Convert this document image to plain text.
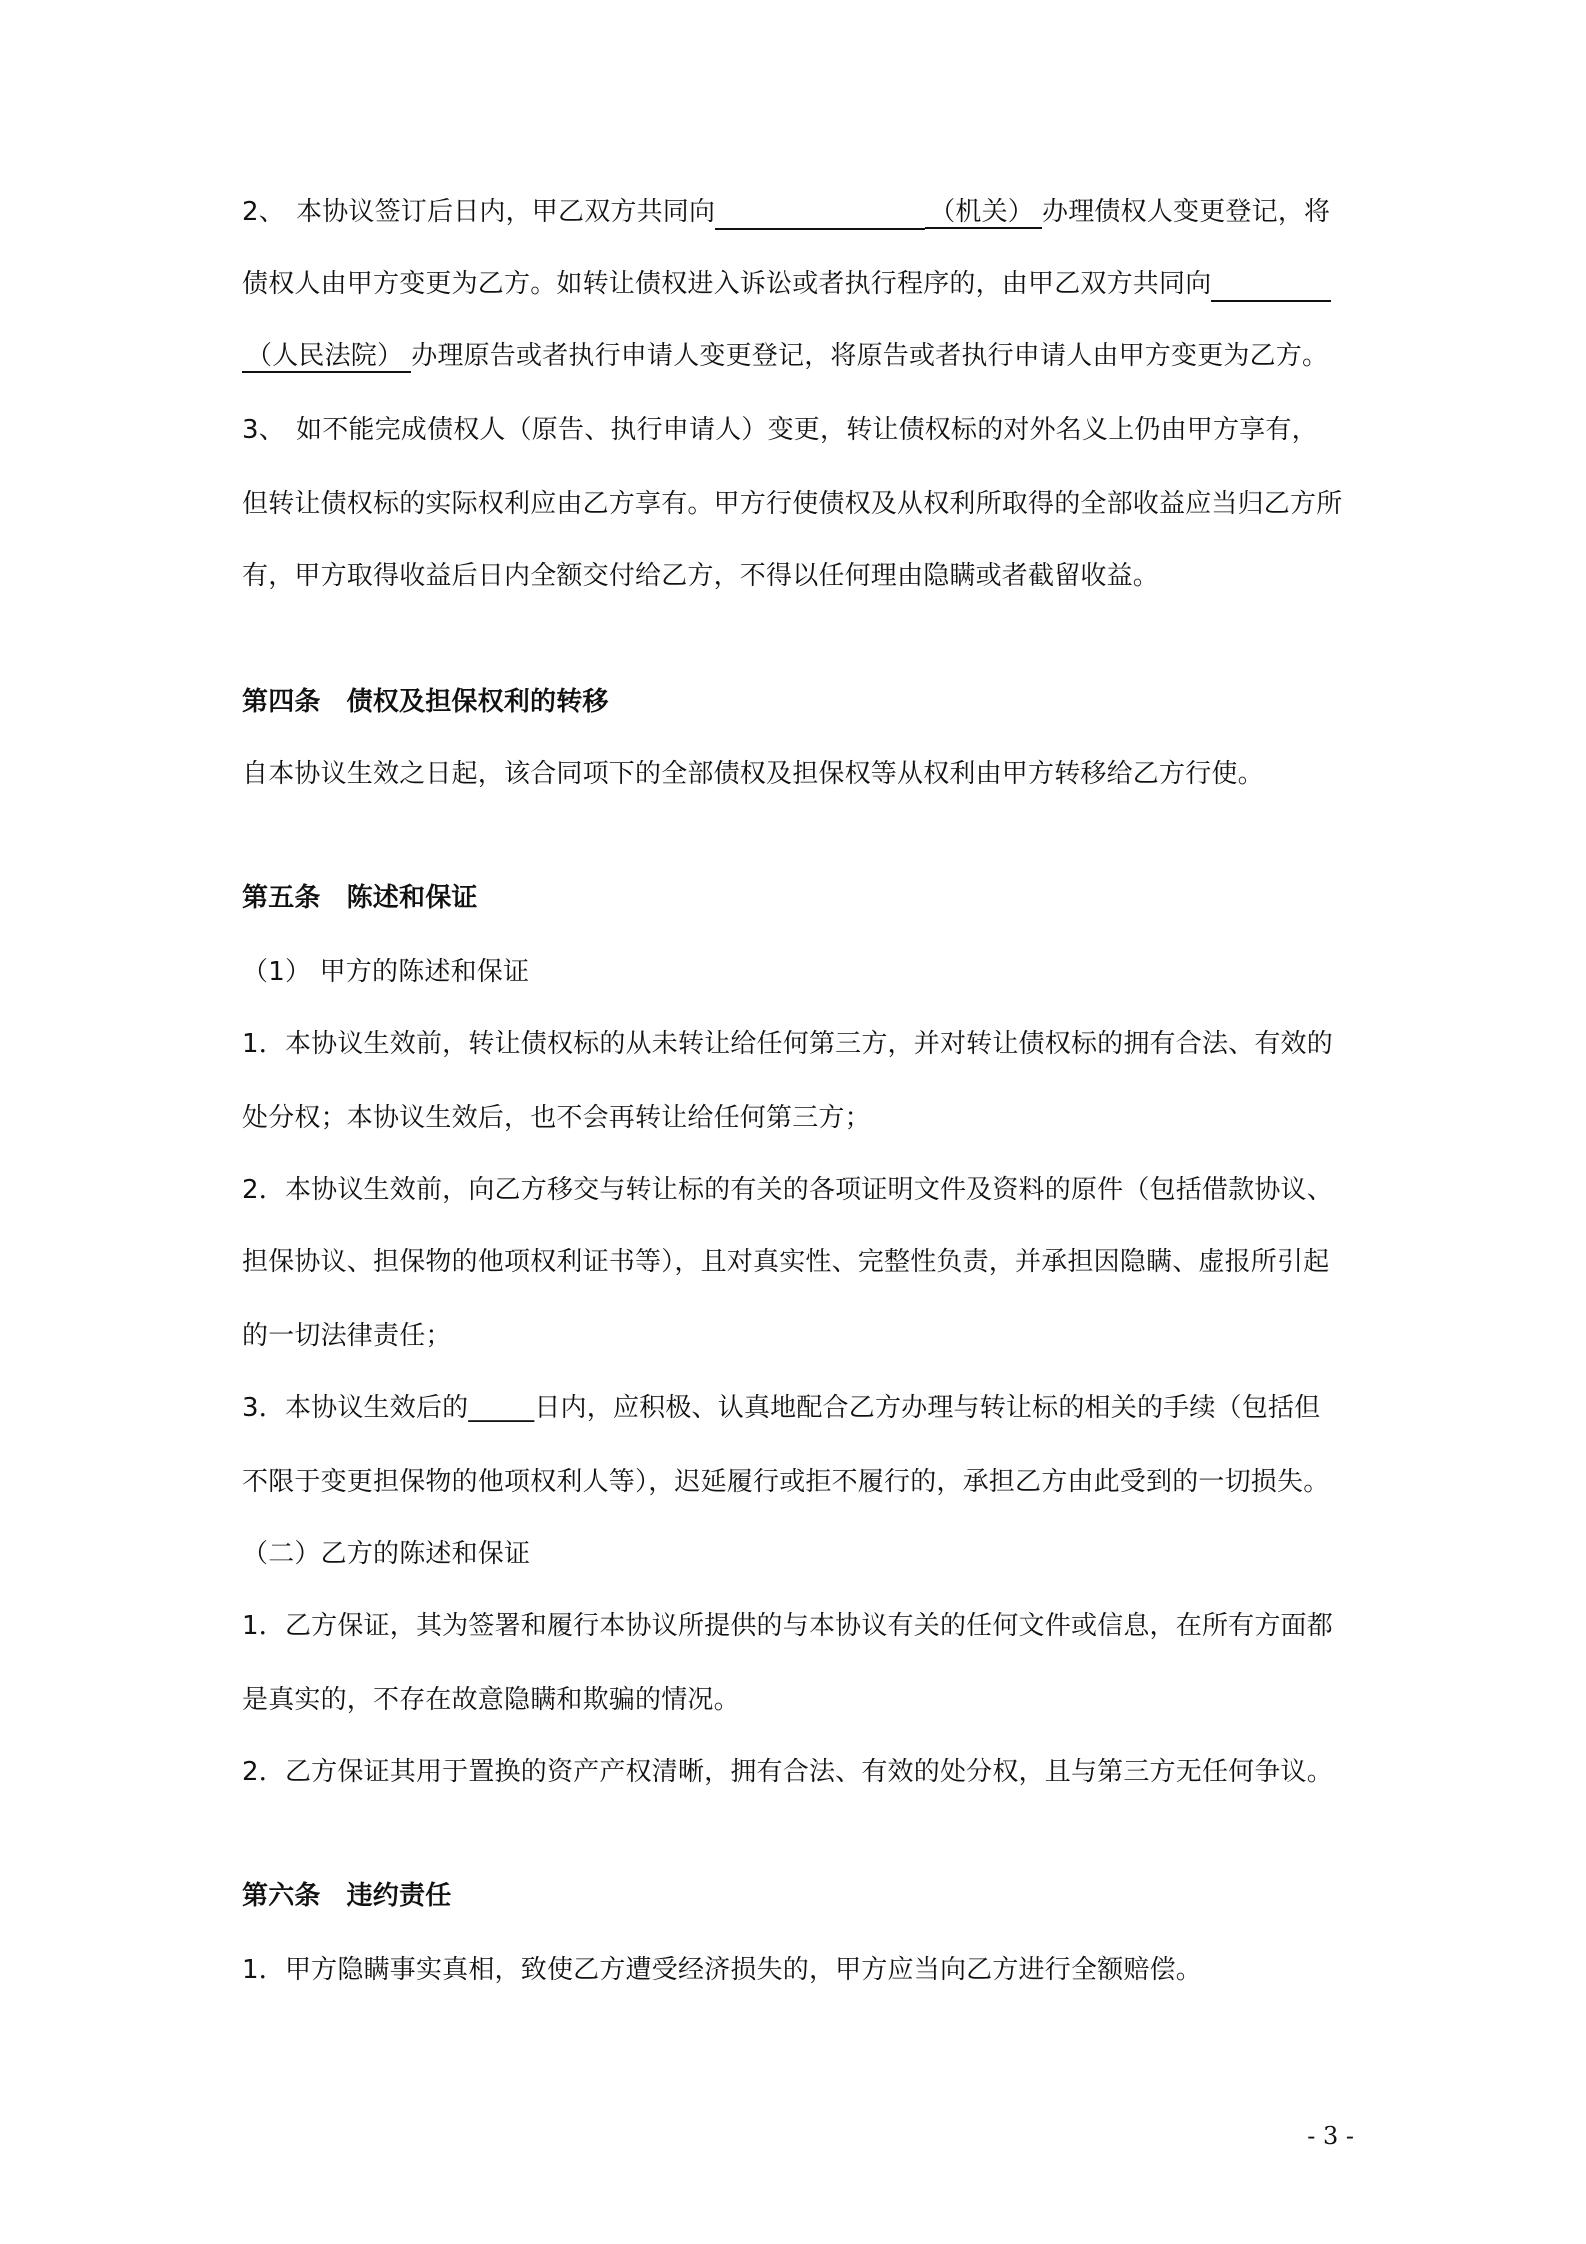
2、 本协议签订后日内，甲乙双方共同向	（机关） 办理债权人变更登记，将
债权人由甲方变更为乙方。如转让债权进入诉讼或者执行程序的，由甲乙双方共同向
（人民法院） 办理原告或者执行申请人变更登记，将原告或者执行申请人由甲方变更为乙方。
3、 如不能完成债权人（原告、执行申请人）变更，转让债权标的对外名义上仍由甲方享有，
但转让债权标的实际权利应由乙方享有。甲方行使债权及从权利所取得的全部收益应当归乙方所
有，甲方取得收益后日内全额交付给乙方，不得以任何理由隐瞒或者截留收益。
第四条 债权及担保权利的转移
自本协议生效之日起，该合同项下的全部债权及担保权等从权利由甲方转移给乙方行使。
第五条 陈述和保证
（1） 甲方的陈述和保证
1．本协议生效前，转让债权标的从未转让给任何第三方，并对转让债权标的拥有合法、有效的
处分权；本协议生效后，也不会再转让给任何第三方；
2．本协议生效前，向乙方移交与转让标的有关的各项证明文件及资料的原件（包括借款协议、
担保协议、担保物的他项权利证书等），且对真实性、完整性负责，并承担因隐瞒、虚报所引起
的一切法律责任；
3．本协议生效后的_____日内，应积极、认真地配合乙方办理与转让标的相关的手续（包括但
不限于变更担保物的他项权利人等），迟延履行或拒不履行的，承担乙方由此受到的一切损失。
（二）乙方的陈述和保证
1．乙方保证，其为签署和履行本协议所提供的与本协议有关的任何文件或信息，在所有方面都
是真实的，不存在故意隐瞒和欺骗的情况。
2．乙方保证其用于置换的资产产权清晰，拥有合法、有效的处分权，且与第三方无任何争议。
第六条 违约责任
1．甲方隐瞒事实真相，致使乙方遭受经济损失的，甲方应当向乙方进行全额赔偿。
- 3 -
